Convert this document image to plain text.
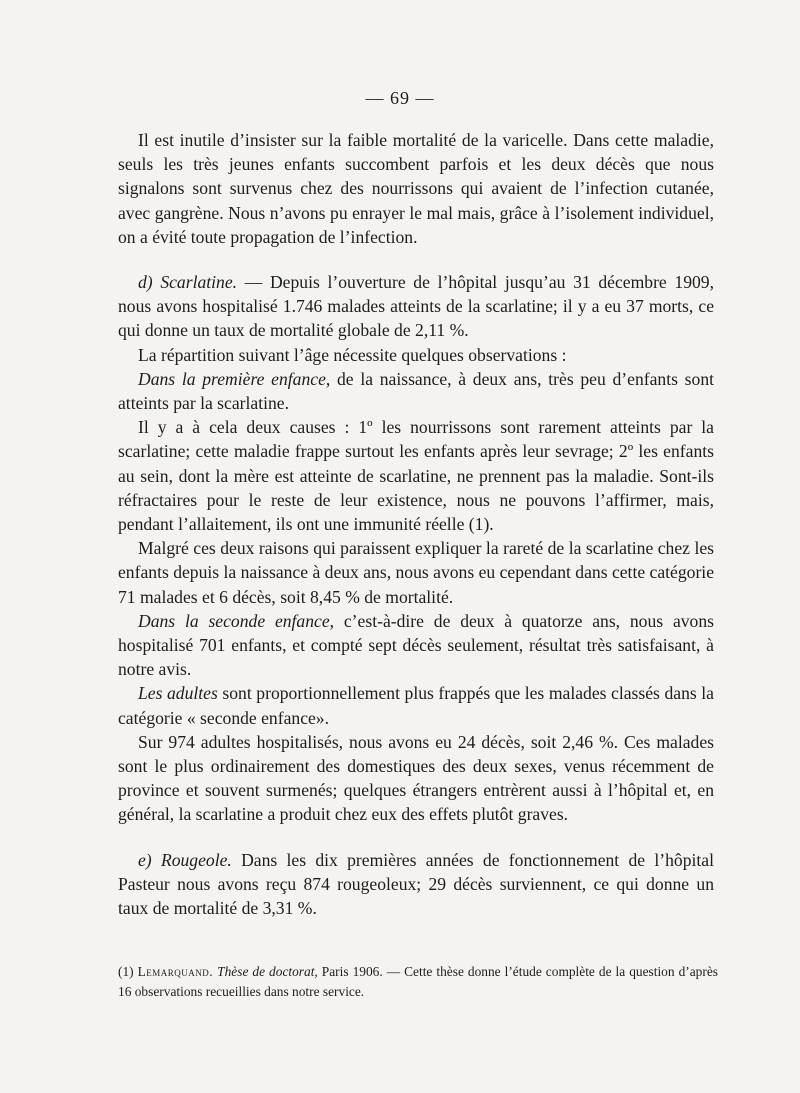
— 69 —

Il est inutile d’insister sur la faible mortalité de la varicelle. Dans cette maladie, seuls les très jeunes enfants succombent parfois et les deux décès que nous signalons sont survenus chez des nourrissons qui avaient de l’infection cutanée, avec gangrène. Nous n’avons pu enrayer le mal mais, grâce à l’isolement individuel, on a évité toute propagation de l’infection.

d) Scarlatine. — Depuis l’ouverture de l’hôpital jusqu’au 31 décembre 1909, nous avons hospitalisé 1.746 malades atteints de la scarlatine; il y a eu 37 morts, ce qui donne un taux de mortalité globale de 2,11 %.

La répartition suivant l’âge nécessite quelques observations :

Dans la première enfance, de la naissance, à deux ans, très peu d’enfants sont atteints par la scarlatine.

Il y a à cela deux causes : 1º les nourrissons sont rarement atteints par la scarlatine; cette maladie frappe surtout les enfants après leur sevrage; 2º les enfants au sein, dont la mère est atteinte de scarlatine, ne prennent pas la maladie. Sont-ils réfractaires pour le reste de leur existence, nous ne pouvons l’affirmer, mais, pendant l’allaitement, ils ont une immunité réelle (1).

Malgré ces deux raisons qui paraissent expliquer la rareté de la scarlatine chez les enfants depuis la naissance à deux ans, nous avons eu cependant dans cette catégorie 71 malades et 6 décès, soit 8,45 % de mortalité.

Dans la seconde enfance, c’est-à-dire de deux à quatorze ans, nous avons hospitalisé 701 enfants, et compté sept décès seulement, résultat très satisfaisant, à notre avis.

Les adultes sont proportionnellement plus frappés que les malades classés dans la catégorie « seconde enfance».

Sur 974 adultes hospitalisés, nous avons eu 24 décès, soit 2,46 %. Ces malades sont le plus ordinairement des domestiques des deux sexes, venus récemment de province et souvent surmenés; quelques étrangers entrèrent aussi à l’hôpital et, en général, la scarlatine a produit chez eux des effets plutôt graves.

e) Rougeole. Dans les dix premières années de fonctionnement de l’hôpital Pasteur nous avons reçu 874 rougeoleux; 29 décès surviennent, ce qui donne un taux de mortalité de 3,31 %.

(1) Lemarquand. Thèse de doctorat, Paris 1906. — Cette thèse donne l’étude complète de la question d’après 16 observations recueillies dans notre service.
